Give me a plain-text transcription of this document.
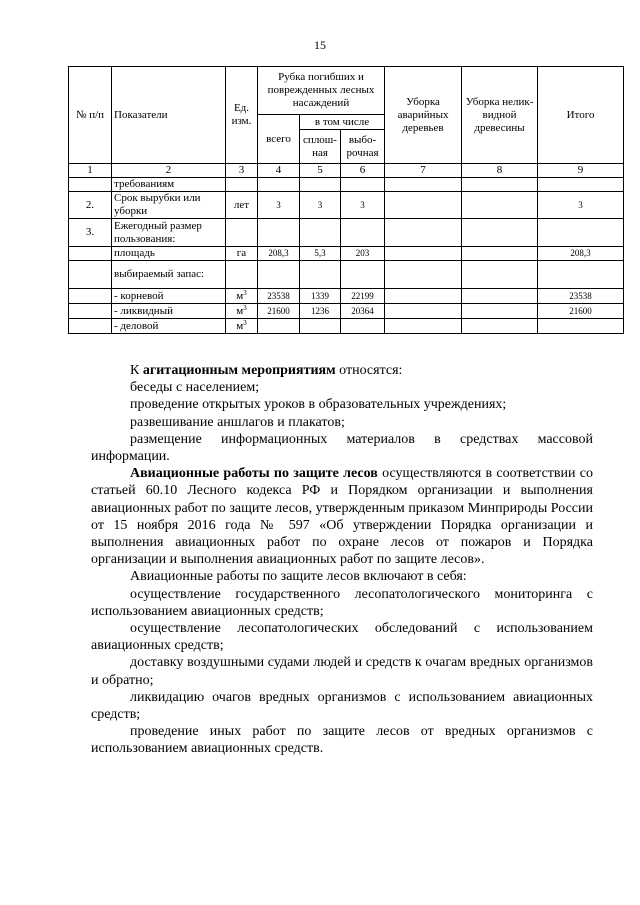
15
№ п/п	Показатели	Ед. изм.	Рубка погибших и поврежденных лесных насаждений			Уборка аварийных деревьев	Уборка нелик-видной древесины	Итого
			всего	в том числе				
				сплош-ная	выбо-рочная			
1	2	3	4	5	6	7	8	9
	требованиям							
2.	Срок вырубки или уборки	лет	3	3	3			3
3.	Ежегодный размер пользования:							
	площадь	га	208,3	5,3	203			208,3
	выбираемый запас:							
	- корневой	$м^3$	23538	1339	22199			23538
	- ликвидный	$м^3$	21600	1236	20364			21600
	- деловой	$м^3$						

К агитационным мероприятиям относятся:

беседы с населением;

проведение открытых уроков в образовательных учреждениях;

развешивание аншлагов и плакатов;

размещение информационных материалов в средствах массовой информации.

Авиационные работы по защите лесов осуществляются в соответствии со статьей 60.10 Лесного кодекса РФ и Порядком организации и выполнения авиационных работ по защите лесов, утвержденным приказом Минприроды России от 15 ноября 2016 года № 597 «Об утверждении Порядка организации и выполнения авиационных работ по охране лесов от пожаров и Порядка организации и выполнения авиационных работ по защите лесов».

Авиационные работы по защите лесов включают в себя:

осуществление государственного лесопатологического мониторинга с использованием авиационных средств;

осуществление лесопатологических обследований с использованием авиационных средств;

доставку воздушными судами людей и средств к очагам вредных организмов и обратно;

ликвидацию очагов вредных организмов с использованием авиационных средств;

проведение иных работ по защите лесов от вредных организмов с использованием авиационных средств.
